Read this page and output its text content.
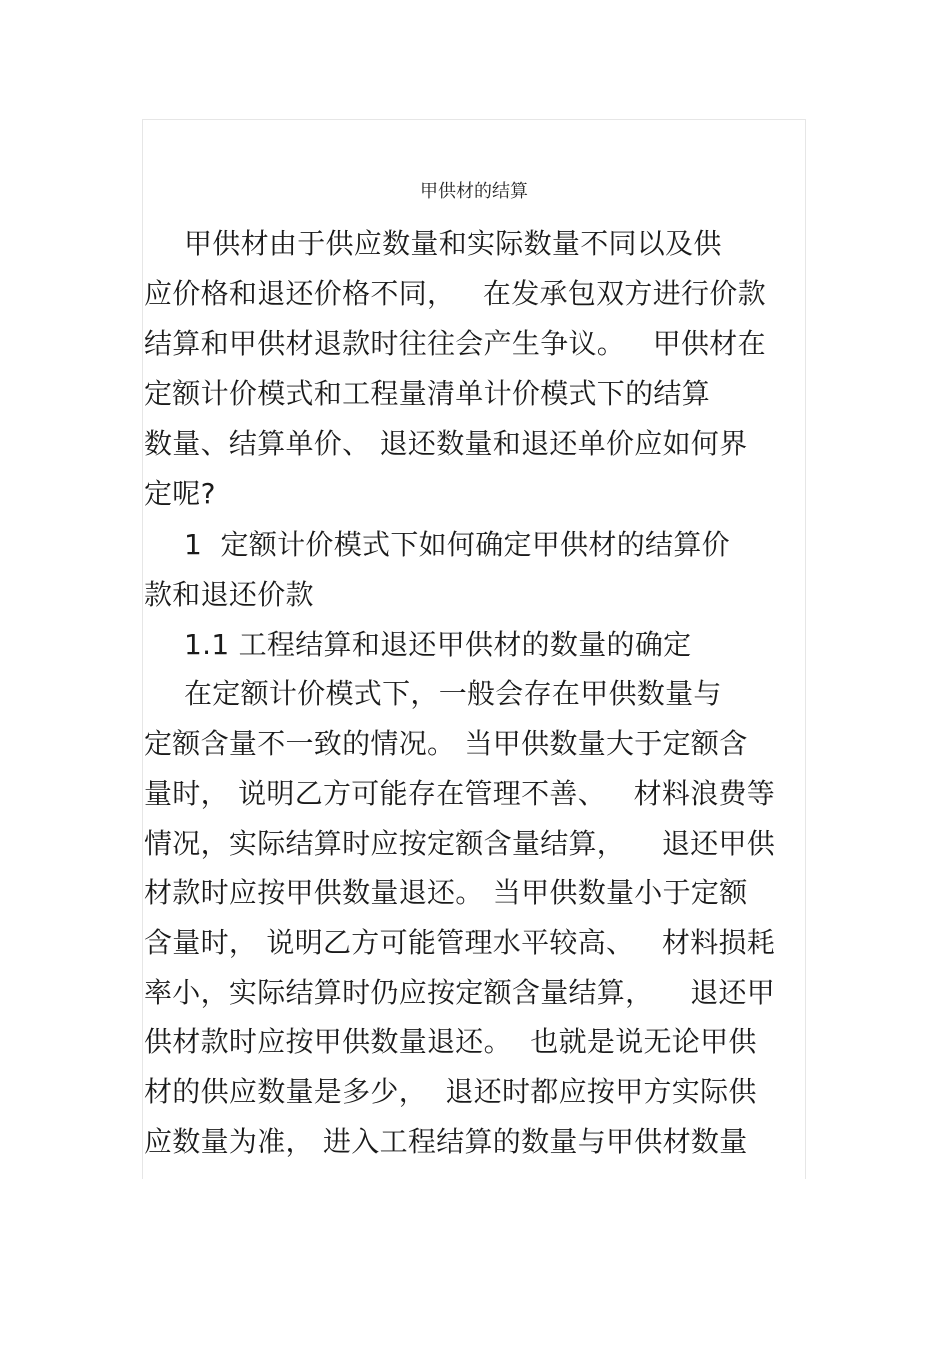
甲供材的结算
甲供材由于供应数量和实际数量不同以及供
应价格和退还价格不同，   在发承包双方进行价款
结算和甲供材退款时往往会产生争议。   甲供材在
定额计价模式和工程量清单计价模式下的结算
数量、结算单价、 退还数量和退还单价应如何界
定呢?
1  定额计价模式下如何确定甲供材的结算价
款和退还价款
1.1 工程结算和退还甲供材的数量的确定
在定额计价模式下，一般会存在甲供数量与
定额含量不一致的情况。 当甲供数量大于定额含
量时， 说明乙方可能存在管理不善、   材料浪费等
情况，实际结算时应按定额含量结算，    退还甲供
材款时应按甲供数量退还。 当甲供数量小于定额
含量时， 说明乙方可能管理水平较高、   材料损耗
率小，实际结算时仍应按定额含量结算，    退还甲
供材款时应按甲供数量退还。  也就是说无论甲供
材的供应数量是多少，  退还时都应按甲方实际供
应数量为准， 进入工程结算的数量与甲供材数量
